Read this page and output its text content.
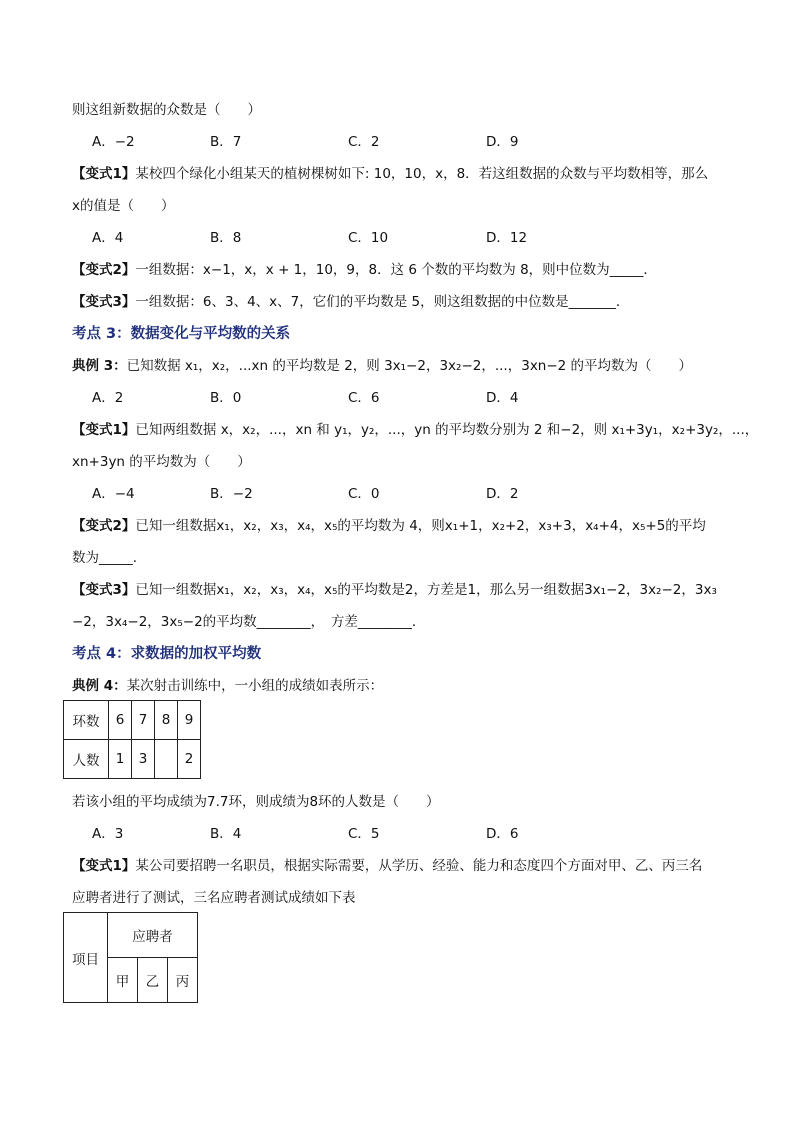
则这组新数据的众数是（　　）
A．−2	B．7	C．2	D．9
【变式1】某校四个绿化小组某天的植树棵树如下: 10，10，x，8．若这组数据的众数与平均数相等，那么
x的值是（　　）
A．4	B．8	C．10	D．12
【变式2】一组数据：x−1，x，x + 1，10，9，8．这 6 个数的平均数为 8，则中位数为_____．
【变式3】一组数据：6、3、4、x、7，它们的平均数是 5，则这组数据的中位数是_______．
考点 3：数据变化与平均数的关系
典例 3：已知数据 x₁，x₂，...xn 的平均数是 2，则 3x₁−2，3x₂−2，...，3xn−2 的平均数为（　　）
A．2	B．0	C．6	D．4
【变式1】已知两组数据 x，x₂，...，xn 和 y₁，y₂，...，yn 的平均数分别为 2 和−2，则 x₁+3y₁，x₂+3y₂，...，
xn+3yn 的平均数为（　　）
A．−4	B．−2	C．0	D．2
【变式2】已知一组数据x₁，x₂，x₃，x₄，x₅的平均数为 4，则x₁+1，x₂+2，x₃+3，x₄+4，x₅+5的平均
数为_____．
【变式3】已知一组数据x₁，x₂，x₃，x₄，x₅的平均数是2，方差是1，那么另一组数据3x₁−2，3x₂−2，3x₃
−2，3x₄−2，3x₅−2的平均数________，　方差________．
考点 4：求数据的加权平均数
典例 4：某次射击训练中，一小组的成绩如表所示：
环数	6	7	8	9
人数	1	3		2
若该小组的平均成绩为7.7环，则成绩为8环的人数是（　　）
A．3	B．4	C．5	D．6
【变式1】某公司要招聘一名职员，根据实际需要，从学历、经验、能力和态度四个方面对甲、乙、丙三名
应聘者进行了测试，三名应聘者测试成绩如下表
项目	应聘者		
	甲	乙	丙
